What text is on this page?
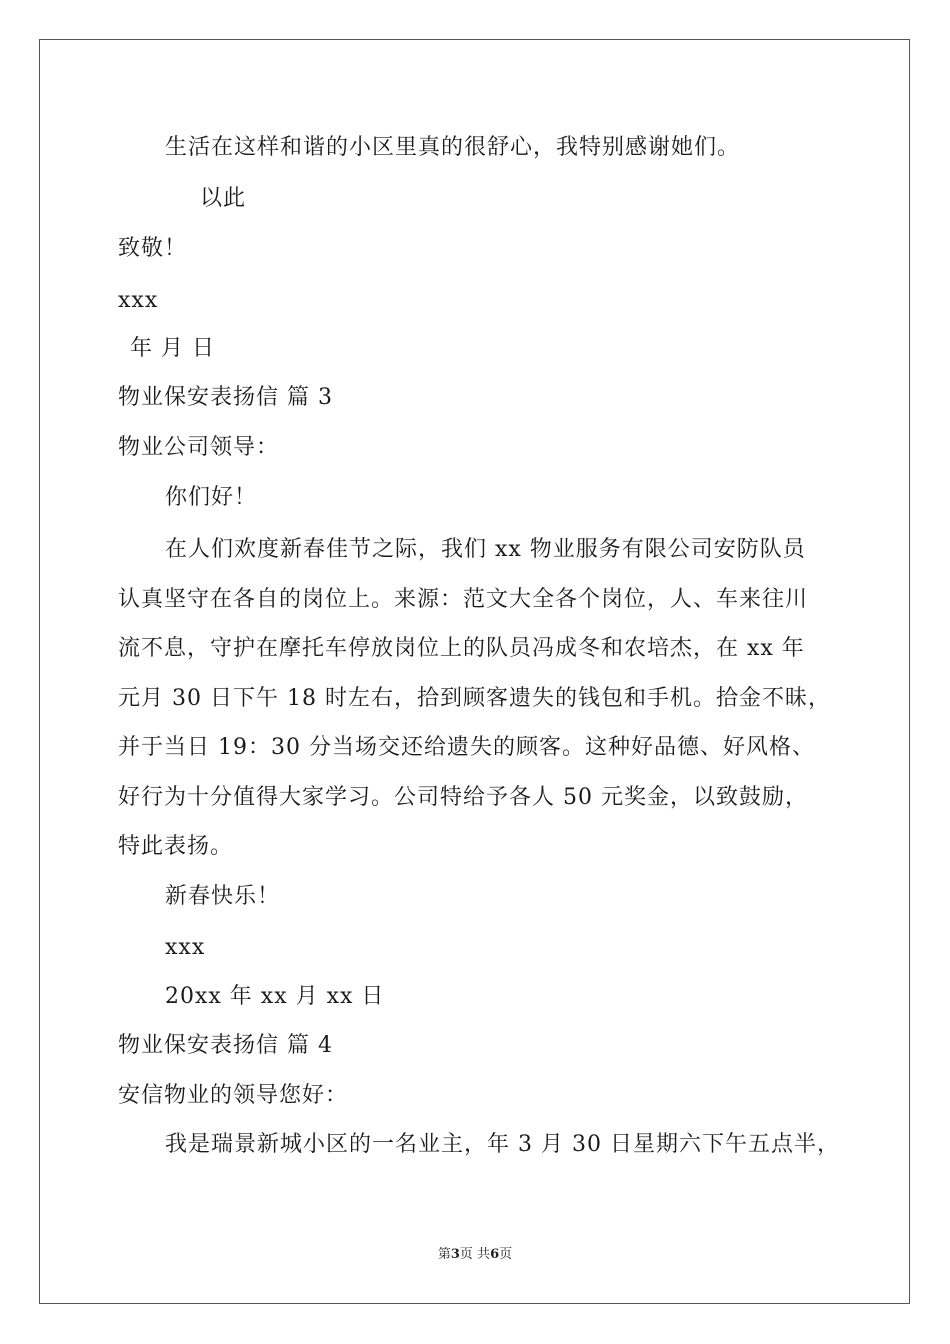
生活在这样和谐的小区里真的很舒心，我特别感谢她们。
以此
致敬！
xxx
年 月 日
物业保安表扬信 篇 3
物业公司领导：
你们好！
在人们欢度新春佳节之际，我们 xx 物业服务有限公司安防队员
认真坚守在各自的岗位上。来源：范文大全各个岗位，人、车来往川
流不息，守护在摩托车停放岗位上的队员冯成冬和农培杰，在 xx 年
元月 30 日下午 18 时左右，拾到顾客遗失的钱包和手机。拾金不昧，
并于当日 19：30 分当场交还给遗失的顾客。这种好品德、好风格、
好行为十分值得大家学习。公司特给予各人 50 元奖金，以致鼓励，
特此表扬。
新春快乐！
xxx
20xx 年 xx 月 xx 日
物业保安表扬信 篇 4
安信物业的领导您好：
我是瑞景新城小区的一名业主，年 3 月 30 日星期六下午五点半，
第3页 共6页
